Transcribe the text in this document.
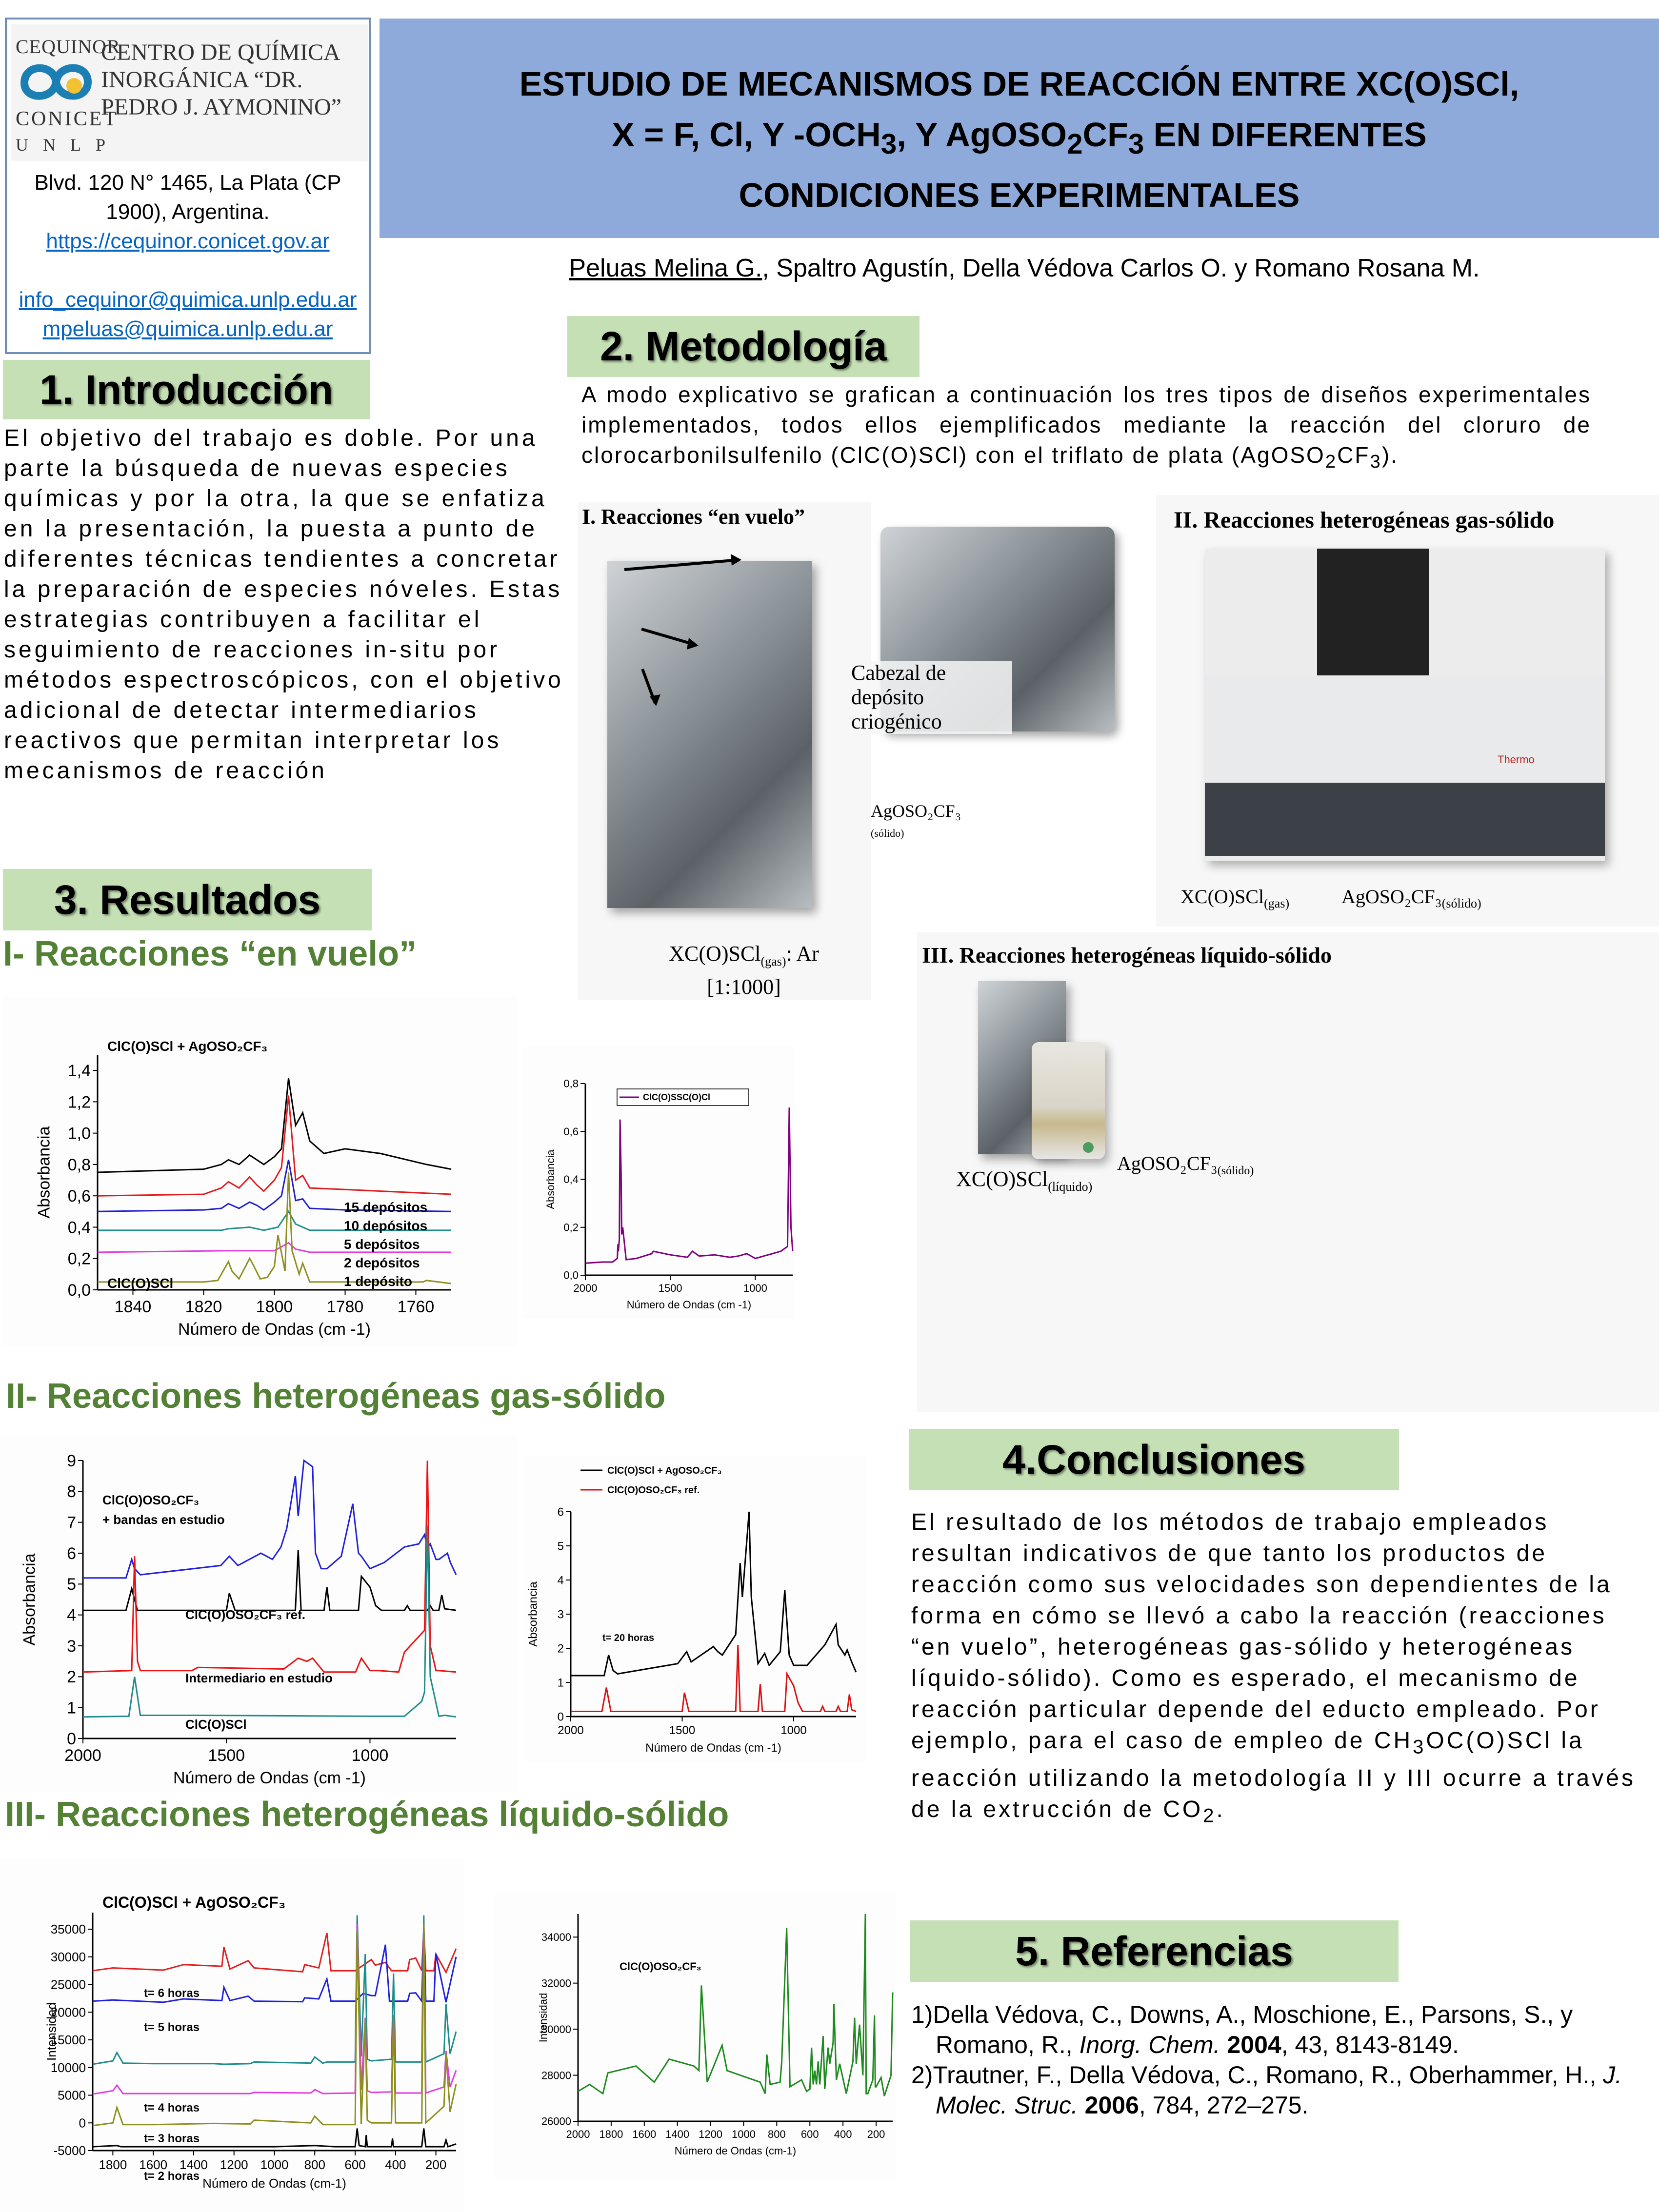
CEQUINOR
CONICET
UNLP
CENTRO DE QUÍMICA INORGÁNICA “DR. PEDRO J. AYMONINO”
Blvd. 120 N° 1465, La Plata (CP
1900), Argentina.
https://cequinor.conicet.gov.ar
info_cequinor@quimica.unlp.edu.ar
mpeluas@quimica.unlp.edu.ar
ESTUDIO DE MECANISMOS DE REACCIÓN ENTRE XC(O)SCl,
X = F, Cl, Y $-OCH_3$, Y $AgOSO_2CF_3$ EN DIFERENTES
CONDICIONES EXPERIMENTALES
Peluas Melina G., Spaltro Agustín, Della Védova Carlos O. y Romano Rosana M.
1. Introducción
2. Metodología
3. Resultados
4.Conclusiones
5. Referencias
El objetivo del trabajo es doble. Por una parte la búsqueda de nuevas especies químicas y por la otra, la que se enfatiza en la presentación, la puesta a punto de diferentes técnicas tendientes a concretar la preparación de especies nóveles. Estas estrategias contribuyen a facilitar el seguimiento de reacciones in-situ por métodos espectroscópicos, con el objetivo adicional de detectar intermediarios reactivos que permitan interpretar los mecanismos de reacción
A modo explicativo se grafican a continuación los tres tipos de diseños experimentales implementados, todos ellos ejemplificados mediante la reacción del cloruro de clorocarbonilsulfenilo (ClC(O)SCl) con el triflato de plata $(AgOSO_2CF_3)$.
El resultado de los métodos de trabajo empleados resultan indicativos de que tanto los productos de reacción como sus velocidades son dependientes de la forma en cómo se llevó a cabo la reacción (reacciones “en vuelo”, heterogéneas gas-sólido y heterogéneas líquido-sólido). Como es esperado, el mecanismo de reacción particular depende del educto empleado. Por ejemplo, para el caso de empleo de $CH_3OC(O)SCl$ la reacción utilizando la metodología II y III ocurre a través de la extrucción de $CO_2$.
1)Della Védova, C., Downs, A., Moschione, E., Parsons, S., y Romano, R., Inorg. Chem. 2004, 43, 8143-8149.
2)Trautner, F., Della Védova, C., Romano, R., Oberhammer, H., J. Molec. Struc. 2006, 784, 272–275.
I- Reacciones “en vuelo”
II- Reacciones heterogéneas gas-sólido
III- Reacciones heterogéneas líquido-sólido
I. Reacciones “en vuelo”
XC(O)SCl$_{(gas)}$: Ar [1:1000]
Cabezal de depósito criogénico
AgOSO₂CF₃
(sólido)
II. Reacciones heterogéneas gas-sólido
Thermo
XC(O)SCl$_{(gas)}$	$AgOSO_2CF_3_{(sólido)}$
III. Reacciones heterogéneas líquido-sólido
XC(O)SCl$_{(líquido)}$
$AgOSO_2CF_3_{(sólido)}$
0,0
0,2
0,4
0,6
0,8
1,0
1,2
1,4
1840 1820 1800 1780 1760
Número de Ondas (cm -1)
Absorbancia	15 depósitos
10 depósitos
5 depósitos
2 depósitos
1 depósito
ClC(O)SCl + AgOSO₂CF₃
ClC(O)SCl
0,0
0,2
0,4
0,6
0,8
2000	1500	1000
Número de Ondas (cm -1)
Absorbancia
ClC(O)SSC(O)Cl
0
1
2
3
4
5
6
7
8
9
2000	1500	1000
Número de Ondas (cm -1)
Absorbancia
ClC(O)OSO₂CF₃
+ bandas en estudio
ClC(O)OSO₂CF₃ ref.
Intermediario en estudio
ClC(O)SCl
0
1
2
3
4
5
6
2000	1500	1000
Número de Ondas (cm -1)
Absorbancia
ClC(O)SCl + AgOSO₂CF₃
ClC(O)OSO₂CF₃ ref.
t= 20 horas
-5000
0
5000
10000
15000
20000
25000
30000
35000
1800 1600 1400 1200 1000 800 600 400 200
Número de Ondas (cm-1)
Intensidad
t= 6 horas
t= 5 horas
t= 4 horas
t= 3 horas
t= 2 horas
ClC(O)SCl + AgOSO₂CF₃
26000
28000
30000
32000
34000
2000 1800 1600 1400 1200 1000 800 600 400 200
Número de Ondas (cm-1)
Intensidad
ClC(O)OSO₂CF₃
